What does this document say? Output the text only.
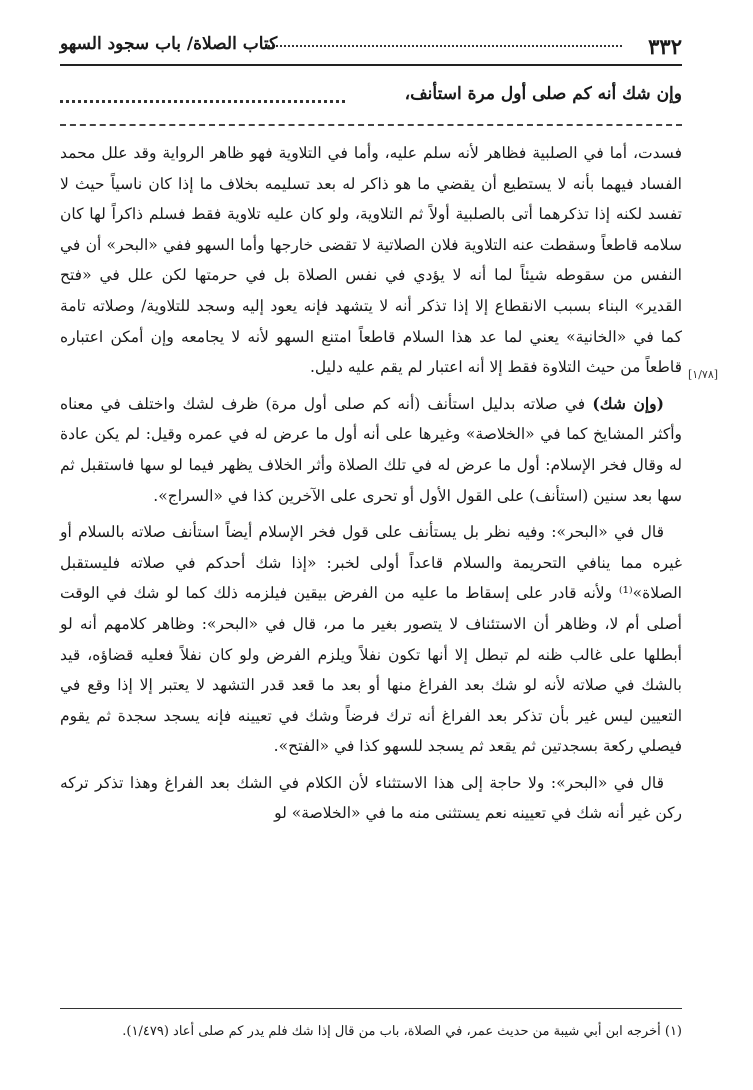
٣٣٢
كتاب الصلاة/ باب سجود السهو
وإن شك أنه كم صلى أول مرة استأنف،
[١/٧٨]

فسدت، أما في الصلبية فظاهر لأنه سلم عليه، وأما في التلاوية فهو ظاهر الرواية وقد علل محمد الفساد فيهما بأنه لا يستطيع أن يقضي ما هو ذاكر له بعد تسليمه بخلاف ما إذا كان ناسياً حيث لا تفسد لكنه إذا تذكرهما أتى بالصلبية أولاً ثم التلاوية، ولو كان عليه تلاوية فقط فسلم ذاكراً لها كان سلامه قاطعاً وسقطت عنه التلاوية فلان الصلاتية لا تقضى خارجها وأما السهو ففي «البحر» أن في النفس من سقوطه شيئاً لما أنه لا يؤدي في نفس الصلاة بل في حرمتها لكن علل في «فتح القدير» البناء بسبب الانقطاع إلا إذا تذكر أنه لا يتشهد فإنه يعود إليه وسجد للتلاوية/ وصلاته تامة كما في «الخانية» يعني لما عد هذا السلام قاطعاً امتنع السهو لأنه لا يجامعه وإن أمكن اعتباره قاطعاً من حيث التلاوة فقط إلا أنه اعتبار لم يقم عليه دليل.

(وإن شك) في صلاته بدليل استأنف (أنه كم صلى أول مرة) ظرف لشك واختلف في معناه وأكثر المشايخ كما في «الخلاصة» وغيرها على أنه أول ما عرض له في عمره وقيل: لم يكن عادة له وقال فخر الإسلام: أول ما عرض له في تلك الصلاة وأثر الخلاف يظهر فيما لو سها فاستقبل ثم سها بعد سنين (استأنف) على القول الأول أو تحرى على الآخرين كذا في «السراج».

قال في «البحر»: وفيه نظر بل يستأنف على قول فخر الإسلام أيضاً استأنف صلاته بالسلام أو غيره مما ينافي التحريمة والسلام قاعداً أولى لخبر: «إذا شك أحدكم في صلاته فليستقبل الصلاة»⁽¹⁾ ولأنه قادر على إسقاط ما عليه من الفرض بيقين فيلزمه ذلك كما لو شك في الوقت أصلى أم لا، وظاهر أن الاستئناف لا يتصور بغير ما مر، قال في «البحر»: وظاهر كلامهم أنه لو أبطلها على غالب ظنه لم تبطل إلا أنها تكون نفلاً ويلزم الفرض ولو كان نفلاً فعليه قضاؤه، قيد بالشك في صلاته لأنه لو شك بعد الفراغ منها أو بعد ما قعد قدر التشهد لا يعتبر إلا إذا وقع في التعيين ليس غير بأن تذكر بعد الفراغ أنه ترك فرضاً وشك في تعيينه فإنه يسجد سجدة ثم يقوم فيصلي ركعة بسجدتين ثم يقعد ثم يسجد للسهو كذا في «الفتح».

قال في «البحر»: ولا حاجة إلى هذا الاستثناء لأن الكلام في الشك بعد الفراغ وهذا تذكر تركه ركن غير أنه شك في تعيينه نعم يستثنى منه ما في «الخلاصة» لو

(١) أخرجه ابن أبي شيبة من حديث عمر، في الصلاة، باب من قال إذا شك فلم يدر كم صلى أعاد (١/٤٧٩).
